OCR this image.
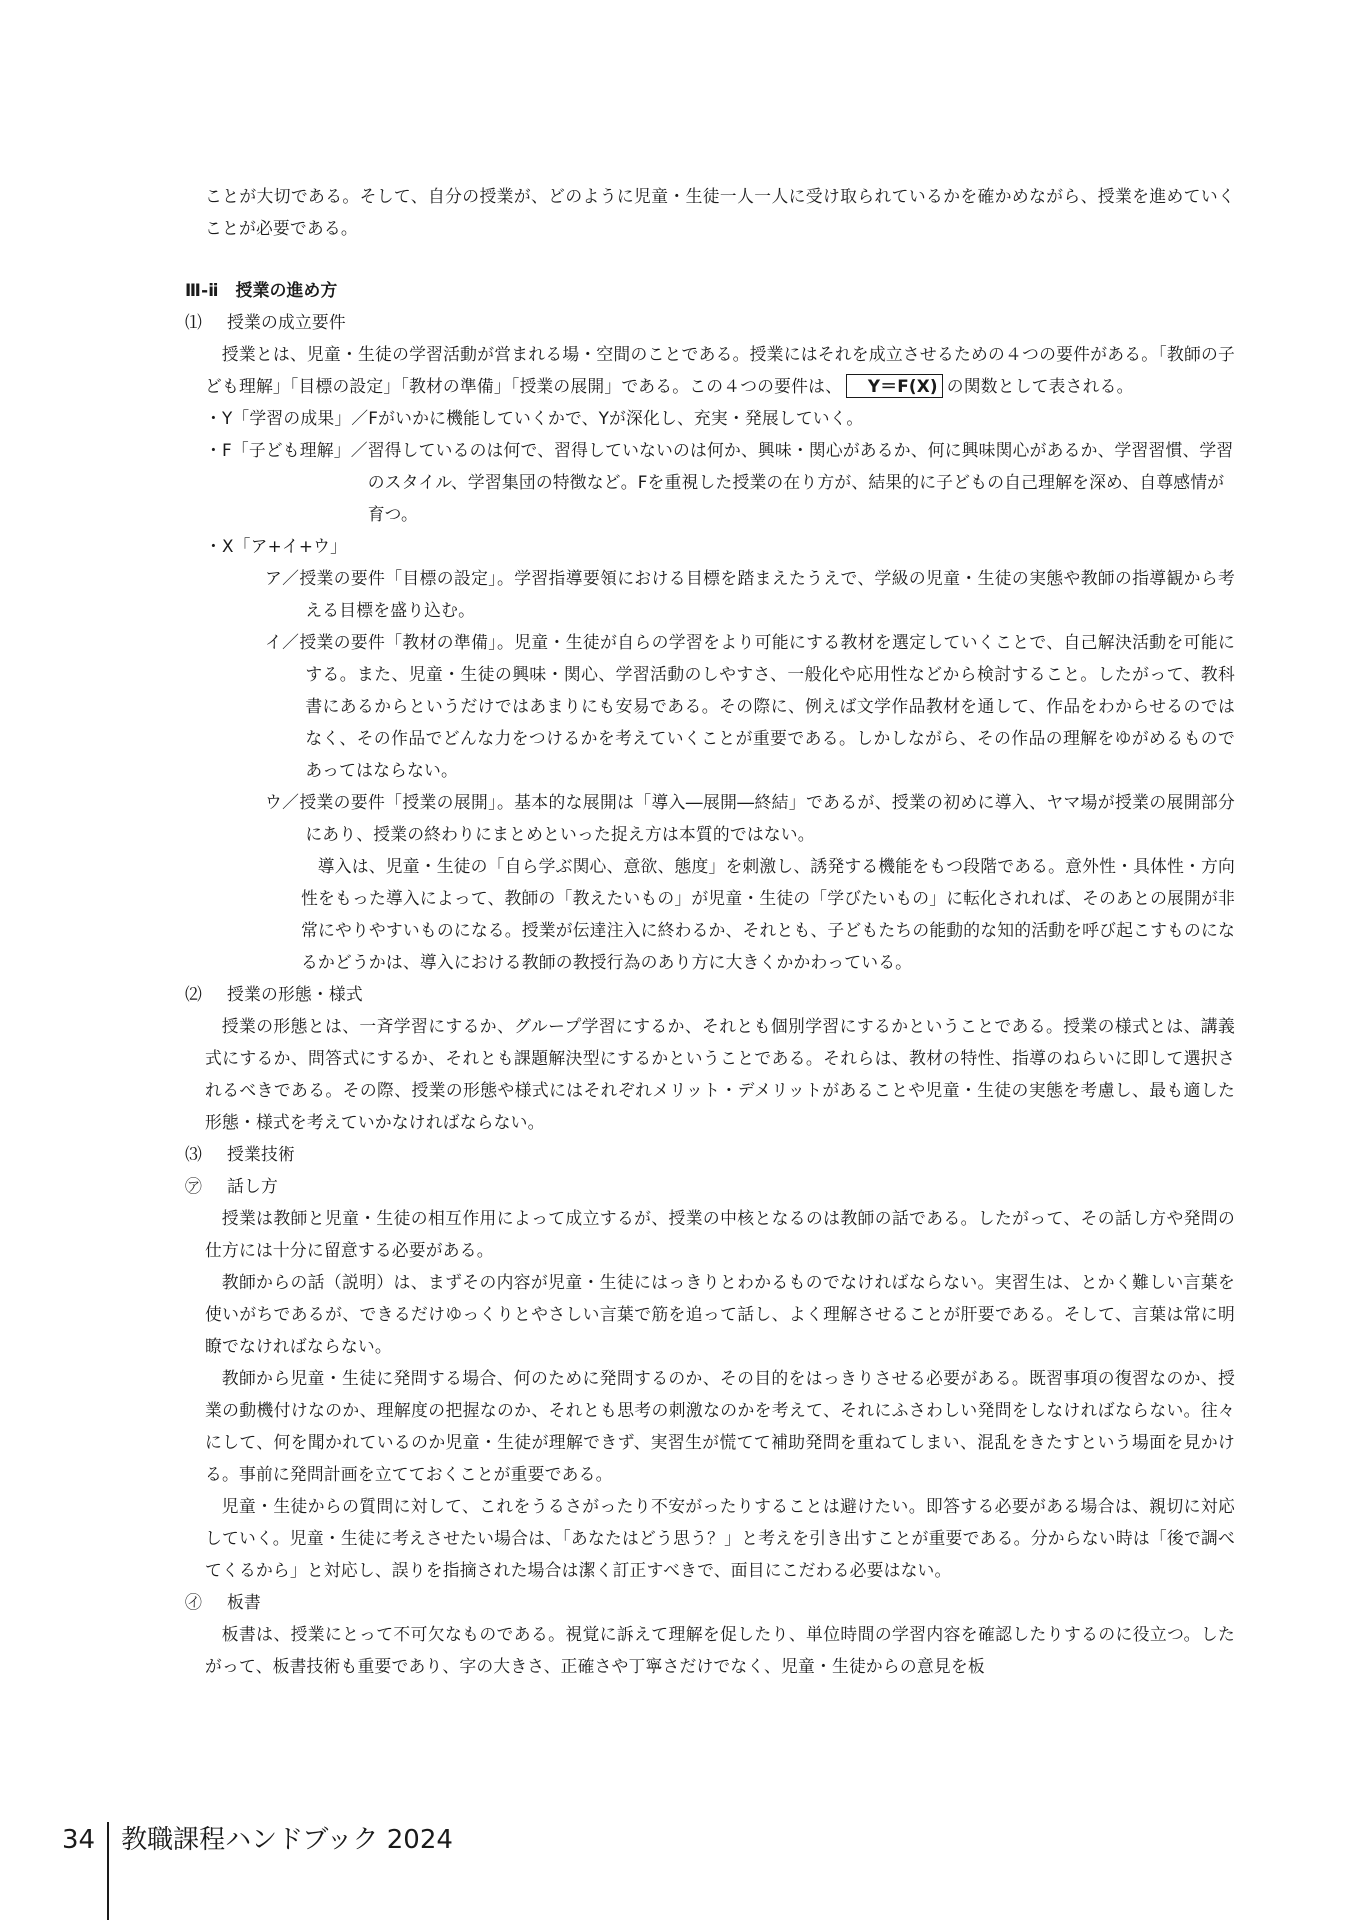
ことが大切である。そして、自分の授業が、どのように児童・生徒一人一人に受け取られているかを確かめながら、授業を進めていくことが必要である。

Ⅲ-ⅱ　授業の進め方

⑴ 授業の成立要件

授業とは、児童・生徒の学習活動が営まれる場・空間のことである。授業にはそれを成立させるための４つの要件がある。「教師の子ども理解」「目標の設定」「教材の準備」「授業の展開」である。この４つの要件は、 Y＝F(X) の関数として表される。

・Y「学習の成果」／ Fがいかに機能していくかで、Yが深化し、充実・発展していく。
・F「子ども理解」／ 習得しているのは何で、習得していないのは何か、興味・関心があるか、何に興味関心があるか、学習習慣、学習のスタイル、学習集団の特徴など。Fを重視した授業の在り方が、結果的に子どもの自己理解を深め、自尊感情が育つ。

・X「ア+イ+ウ」

ア／授業の要件「目標の設定」。学習指導要領における目標を踏まえたうえで、学級の児童・生徒の実態や教師の指導観から考える目標を盛り込む。

イ／授業の要件「教材の準備」。児童・生徒が自らの学習をより可能にする教材を選定していくことで、自己解決活動を可能にする。また、児童・生徒の興味・関心、学習活動のしやすさ、一般化や応用性などから検討すること。したがって、教科書にあるからというだけではあまりにも安易である。その際に、例えば文学作品教材を通して、作品をわからせるのではなく、その作品でどんな力をつけるかを考えていくことが重要である。しかしながら、その作品の理解をゆがめるものであってはならない。

ウ／授業の要件「授業の展開」。基本的な展開は「導入―展開―終結」であるが、授業の初めに導入、ヤマ場が授業の展開部分にあり、授業の終わりにまとめといった捉え方は本質的ではない。

導入は、児童・生徒の「自ら学ぶ関心、意欲、態度」を刺激し、誘発する機能をもつ段階である。意外性・具体性・方向性をもった導入によって、教師の「教えたいもの」が児童・生徒の「学びたいもの」に転化されれば、そのあとの展開が非常にやりやすいものになる。授業が伝達注入に終わるか、それとも、子どもたちの能動的な知的活動を呼び起こすものになるかどうかは、導入における教師の教授行為のあり方に大きくかかわっている。

⑵ 授業の形態・様式

授業の形態とは、一斉学習にするか、グループ学習にするか、それとも個別学習にするかということである。授業の様式とは、講義式にするか、問答式にするか、それとも課題解決型にするかということである。それらは、教材の特性、指導のねらいに即して選択されるべきである。その際、授業の形態や様式にはそれぞれメリット・デメリットがあることや児童・生徒の実態を考慮し、最も適した形態・様式を考えていかなければならない。

⑶ 授業技術

㋐ 話し方

授業は教師と児童・生徒の相互作用によって成立するが、授業の中核となるのは教師の話である。したがって、その話し方や発問の仕方には十分に留意する必要がある。

教師からの話（説明）は、まずその内容が児童・生徒にはっきりとわかるものでなければならない。実習生は、とかく難しい言葉を使いがちであるが、できるだけゆっくりとやさしい言葉で筋を追って話し、よく理解させることが肝要である。そして、言葉は常に明瞭でなければならない。

教師から児童・生徒に発問する場合、何のために発問するのか、その目的をはっきりさせる必要がある。既習事項の復習なのか、授業の動機付けなのか、理解度の把握なのか、それとも思考の刺激なのかを考えて、それにふさわしい発問をしなければならない。往々にして、何を聞かれているのか児童・生徒が理解できず、実習生が慌てて補助発問を重ねてしまい、混乱をきたすという場面を見かける。事前に発問計画を立てておくことが重要である。

児童・生徒からの質問に対して、これをうるさがったり不安がったりすることは避けたい。即答する必要がある場合は、親切に対応していく。児童・生徒に考えさせたい場合は、「あなたはどう思う？」と考えを引き出すことが重要である。分からない時は「後で調べてくるから」と対応し、誤りを指摘された場合は潔く訂正すべきで、面目にこだわる必要はない。

㋑ 板書

板書は、授業にとって不可欠なものである。視覚に訴えて理解を促したり、単位時間の学習内容を確認したりするのに役立つ。したがって、板書技術も重要であり、字の大きさ、正確さや丁寧さだけでなく、児童・生徒からの意見を板

34 教職課程ハンドブック 2024
